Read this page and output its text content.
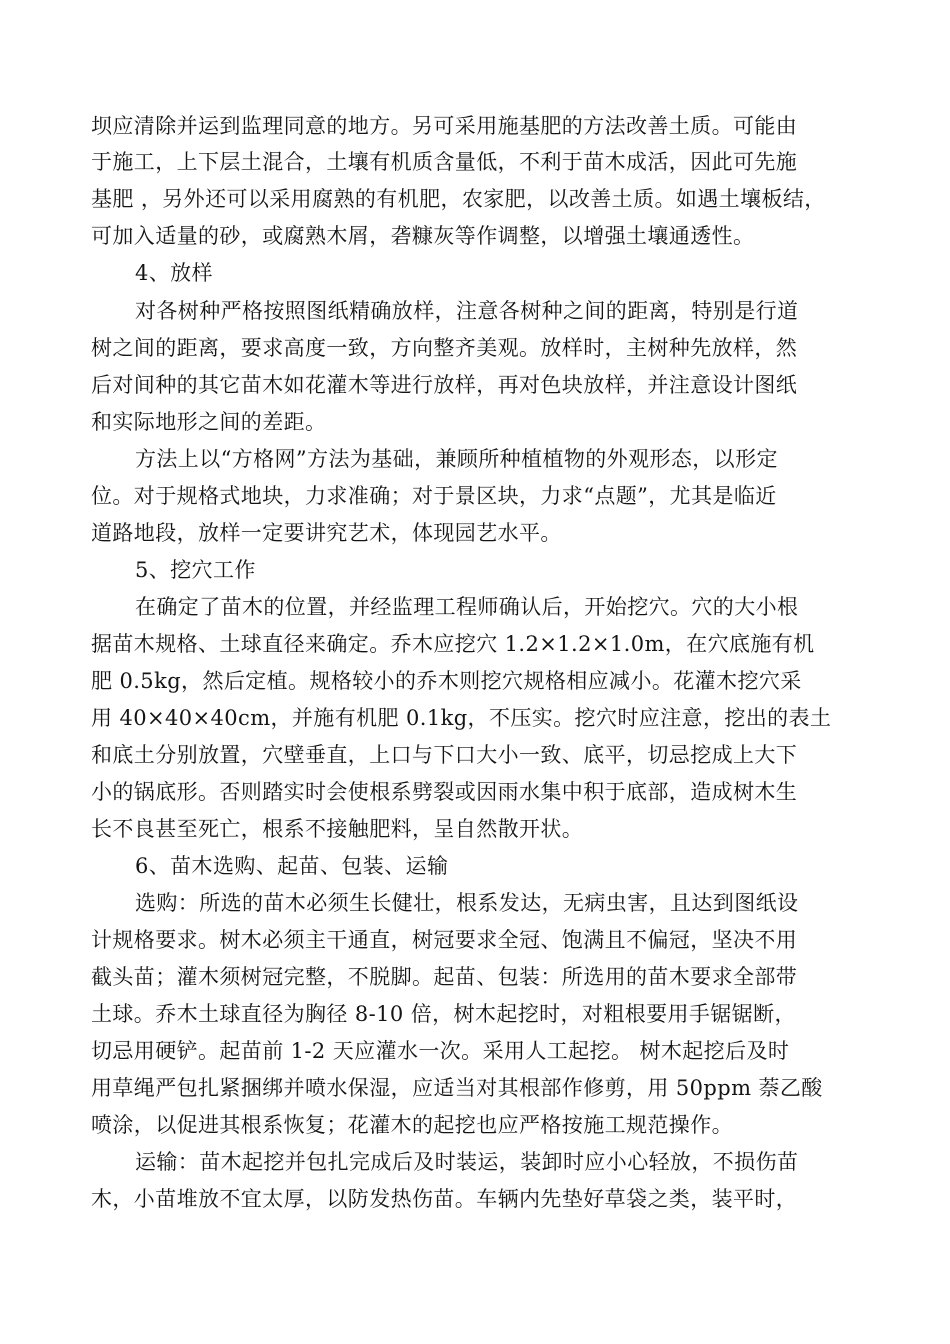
坝应清除并运到监理同意的地方。另可采用施基肥的方法改善土质。可能由
于施工，上下层土混合，土壤有机质含量低，不利于苗木成活，因此可先施
基肥 ，另外还可以采用腐熟的有机肥，农家肥，以改善土质。如遇土壤板结，
可加入适量的砂，或腐熟木屑，砻糠灰等作调整，以增强土壤通透性。
4、放样
对各树种严格按照图纸精确放样，注意各树种之间的距离，特别是行道
树之间的距离，要求高度一致，方向整齐美观。放样时，主树种先放样，然
后对间种的其它苗木如花灌木等进行放样，再对色块放样，并注意设计图纸
和实际地形之间的差距。
方法上以“方格网”方法为基础，兼顾所种植植物的外观形态，以形定
位。对于规格式地块，力求准确；对于景区块，力求“点题”，尤其是临近
道路地段，放样一定要讲究艺术，体现园艺水平。
5、挖穴工作
在确定了苗木的位置，并经监理工程师确认后，开始挖穴。穴的大小根
据苗木规格、土球直径来确定。乔木应挖穴 1.2×1.2×1.0m，在穴底施有机
肥 0.5kg，然后定植。规格较小的乔木则挖穴规格相应减小。花灌木挖穴采
用 40×40×40cm，并施有机肥 0.1kg，不压实。挖穴时应注意，挖出的表土
和底土分别放置，穴壁垂直，上口与下口大小一致、底平，切忌挖成上大下
小的锅底形。否则踏实时会使根系劈裂或因雨水集中积于底部，造成树木生
长不良甚至死亡，根系不接触肥料，呈自然散开状。
6、苗木选购、起苗、包装、运输
选购：所选的苗木必须生长健壮，根系发达，无病虫害，且达到图纸设
计规格要求。树木必须主干通直，树冠要求全冠、饱满且不偏冠，坚决不用
截头苗；灌木须树冠完整，不脱脚。起苗、包装：所选用的苗木要求全部带
土球。乔木土球直径为胸径 8-10 倍，树木起挖时，对粗根要用手锯锯断，
切忌用硬铲。起苗前 1-2 天应灌水一次。采用人工起挖。 树木起挖后及时
用草绳严包扎紧捆绑并喷水保湿，应适当对其根部作修剪，用 50ppm 萘乙酸
喷涂，以促进其根系恢复；花灌木的起挖也应严格按施工规范操作。
运输：苗木起挖并包扎完成后及时装运，装卸时应小心轻放，不损伤苗
木，小苗堆放不宜太厚，以防发热伤苗。车辆内先垫好草袋之类，装平时，
